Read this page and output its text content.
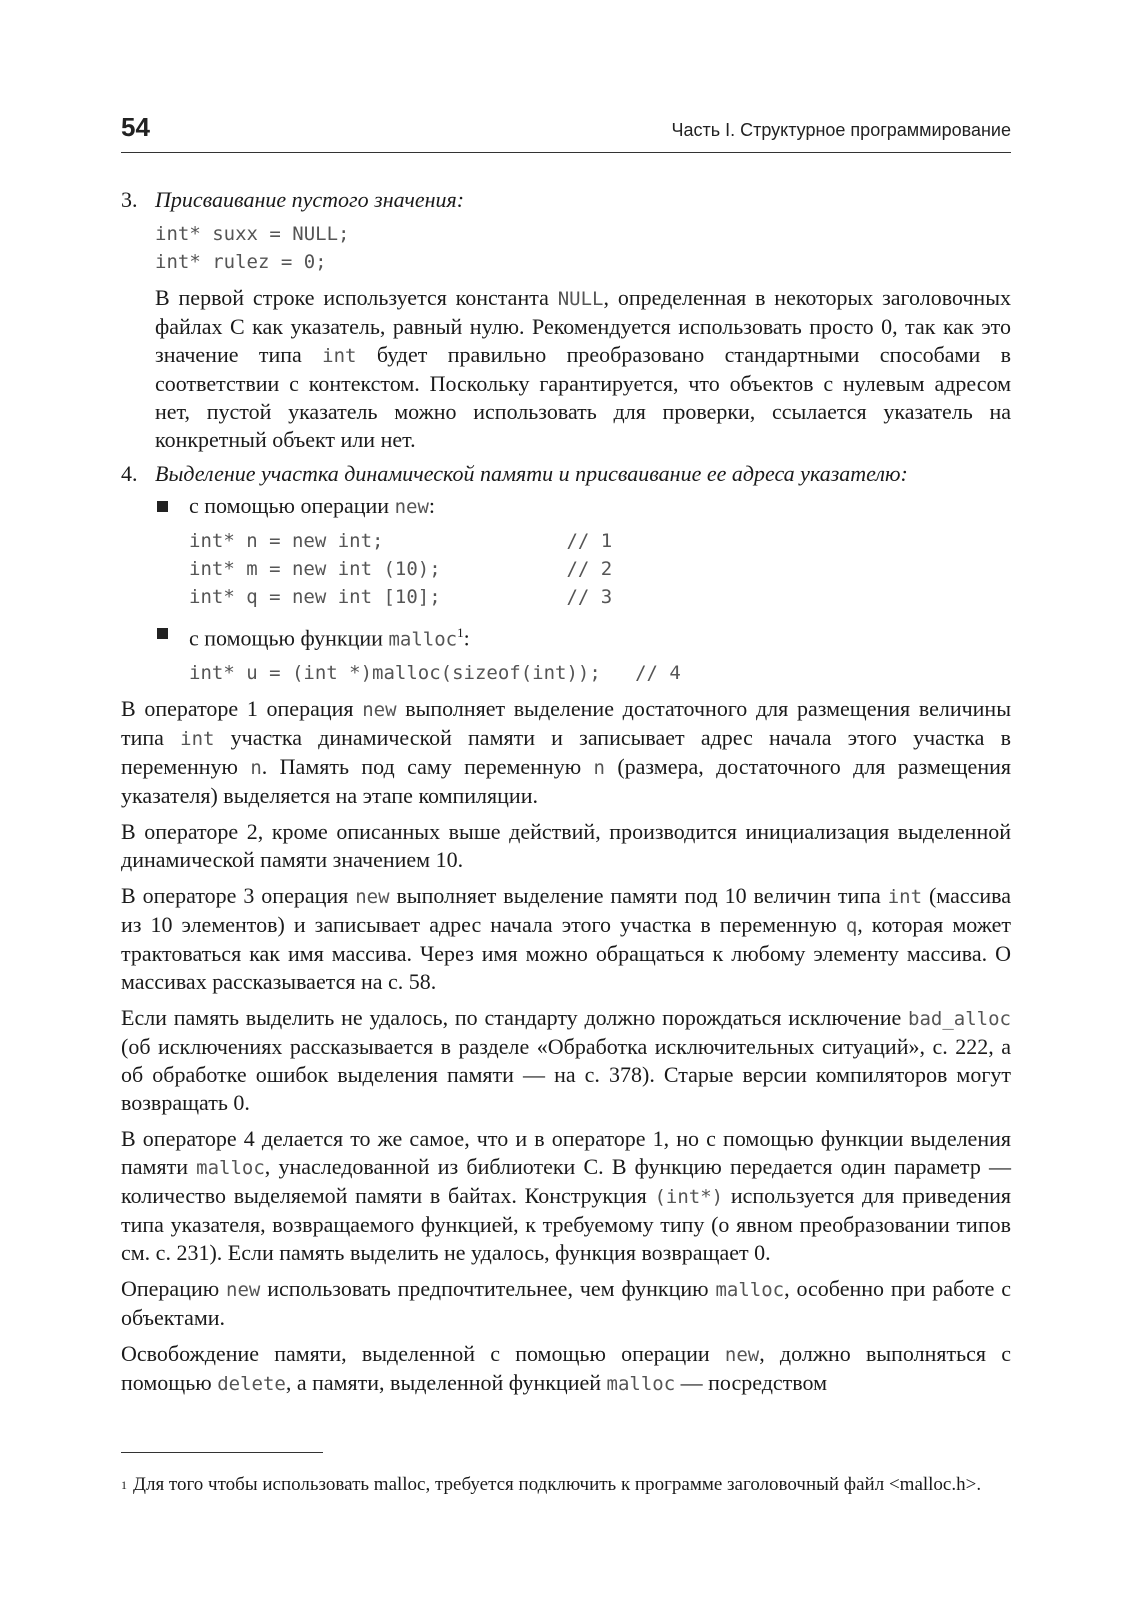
54	Часть I. Структурное программирование
3. Присваивание пустого значения:
int* suxx = NULL;
int* rulez = 0;

В первой строке используется константа NULL, определенная в некоторых заголовочных файлах С как указатель, равный нулю. Рекомендуется использовать просто 0, так как это значение типа int будет правильно преобразовано стандартными способами в соответствии с контекстом. Поскольку гарантируется, что объектов с нулевым адресом нет, пустой указатель можно использовать для проверки, ссылается указатель на конкретный объект или нет.

4. Выделение участка динамической памяти и присваивание ее адреса указателю:
с помощью операции new:
int* n = new int;                // 1
int* m = new int (10);           // 2
int* q = new int [10];           // 3
с помощью функции malloc$^1$:
int* u = (int *)malloc(sizeof(int));   // 4

В операторе 1 операция new выполняет выделение достаточного для размещения величины типа int участка динамической памяти и записывает адрес начала этого участка в переменную n. Память под саму переменную n (размера, достаточного для размещения указателя) выделяется на этапе компиляции.

В операторе 2, кроме описанных выше действий, производится инициализация выделенной динамической памяти значением 10.

В операторе 3 операция new выполняет выделение памяти под 10 величин типа int (массива из 10 элементов) и записывает адрес начала этого участка в переменную q, которая может трактоваться как имя массива. Через имя можно обращаться к любому элементу массива. О массивах рассказывается на с. 58.

Если память выделить не удалось, по стандарту должно порождаться исключение bad_alloc (об исключениях рассказывается в разделе «Обработка исключительных ситуаций», с. 222, а об обработке ошибок выделения памяти — на с. 378). Старые версии компиляторов могут возвращать 0.

В операторе 4 делается то же самое, что и в операторе 1, но с помощью функции выделения памяти malloc, унаследованной из библиотеки С. В функцию передается один параметр — количество выделяемой памяти в байтах. Конструкция (int*) используется для приведения типа указателя, возвращаемого функцией, к требуемому типу (о явном преобразовании типов см. с. 231). Если память выделить не удалось, функция возвращает 0.

Операцию new использовать предпочтительнее, чем функцию malloc, особенно при работе с объектами.

Освобождение памяти, выделенной с помощью операции new, должно выполняться с помощью delete, а памяти, выделенной функцией malloc — посредством

$^1$ Для того чтобы использовать malloc, требуется подключить к программе заголовочный файл <malloc.h>.
